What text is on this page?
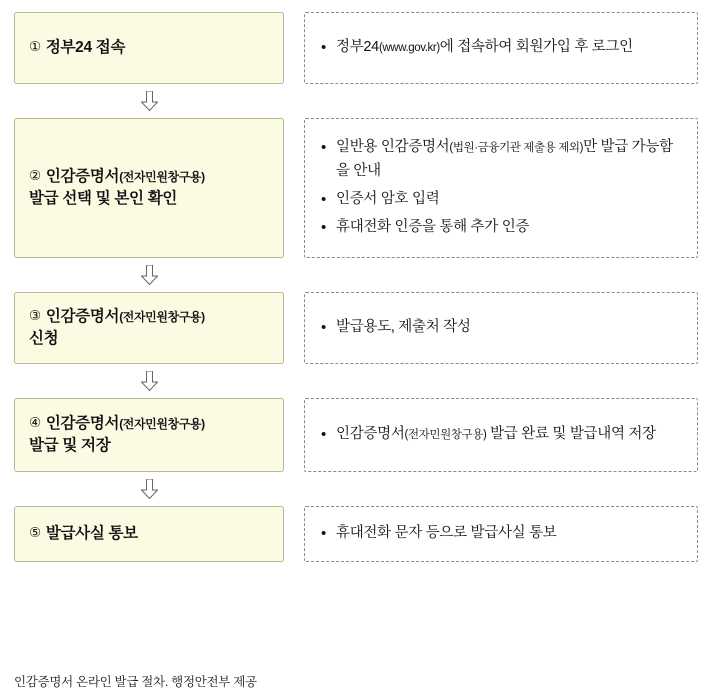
① 정부24 접속	• 정부24(www.gov.kr)에 접속하여 회원가입 후 로그인
② 인감증명서(전자민원창구용)
발급 선택 및 본인 확인
• 일반용 인감증명서(법원·금융기관 제출용 제외)만 발급 가능함을 안내
• 인증서 암호 입력
• 휴대전화 인증을 통해 추가 인증
③ 인감증명서(전자민원창구용)
신청
• 발급용도, 제출처 작성
④ 인감증명서(전자민원창구용)
발급 및 저장
• 인감증명서(전자민원창구용) 발급 완료 및 발급내역 저장
⑤ 발급사실 통보	• 휴대전화 문자 등으로 발급사실 통보
인감증명서 온라인 발급 절차. 행정안전부 제공
